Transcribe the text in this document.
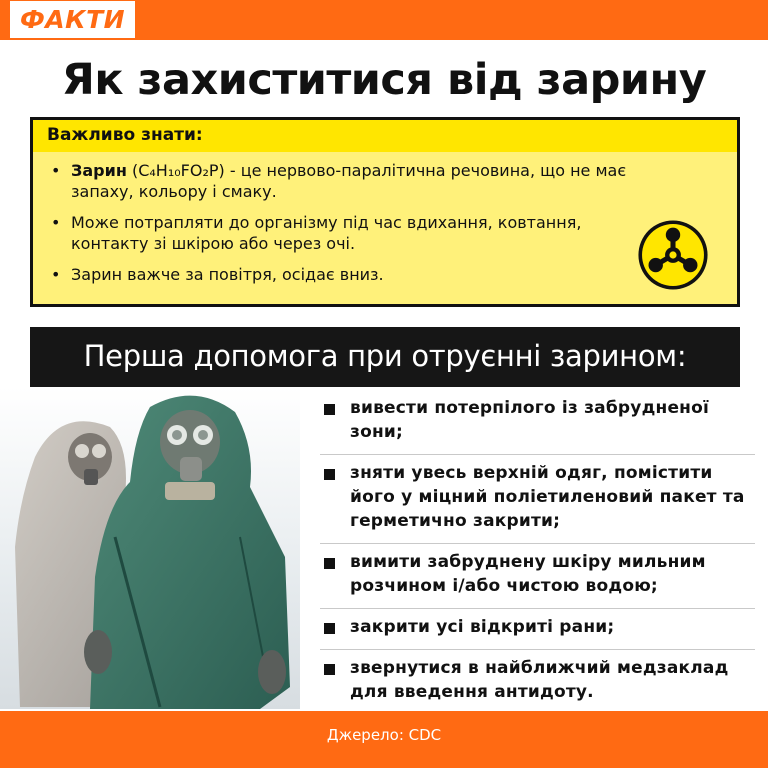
ФАКТИ
Як захиститися від зарину
Важливо знати:
• Зарин (C₄H₁₀FO₂P) - це нервово-паралітична речовина, що не має запаху, кольору і смаку.
• Може потрапляти до організму під час вдихання, ковтання, контакту зі шкірою або через очі.
• Зарин важче за повітря, осідає вниз.
Перша допомога при отруєнні зарином:
вивести потерпілого із забрудненої зони;
зняти увесь верхній одяг, помістити його у міцний поліетиленовий пакет та герметично закрити;
вимити забруднену шкіру мильним розчином і/або чистою водою;
закрити усі відкриті рани;
звернутися в найближчий медзаклад для введення антидоту.
Джерело: CDC
